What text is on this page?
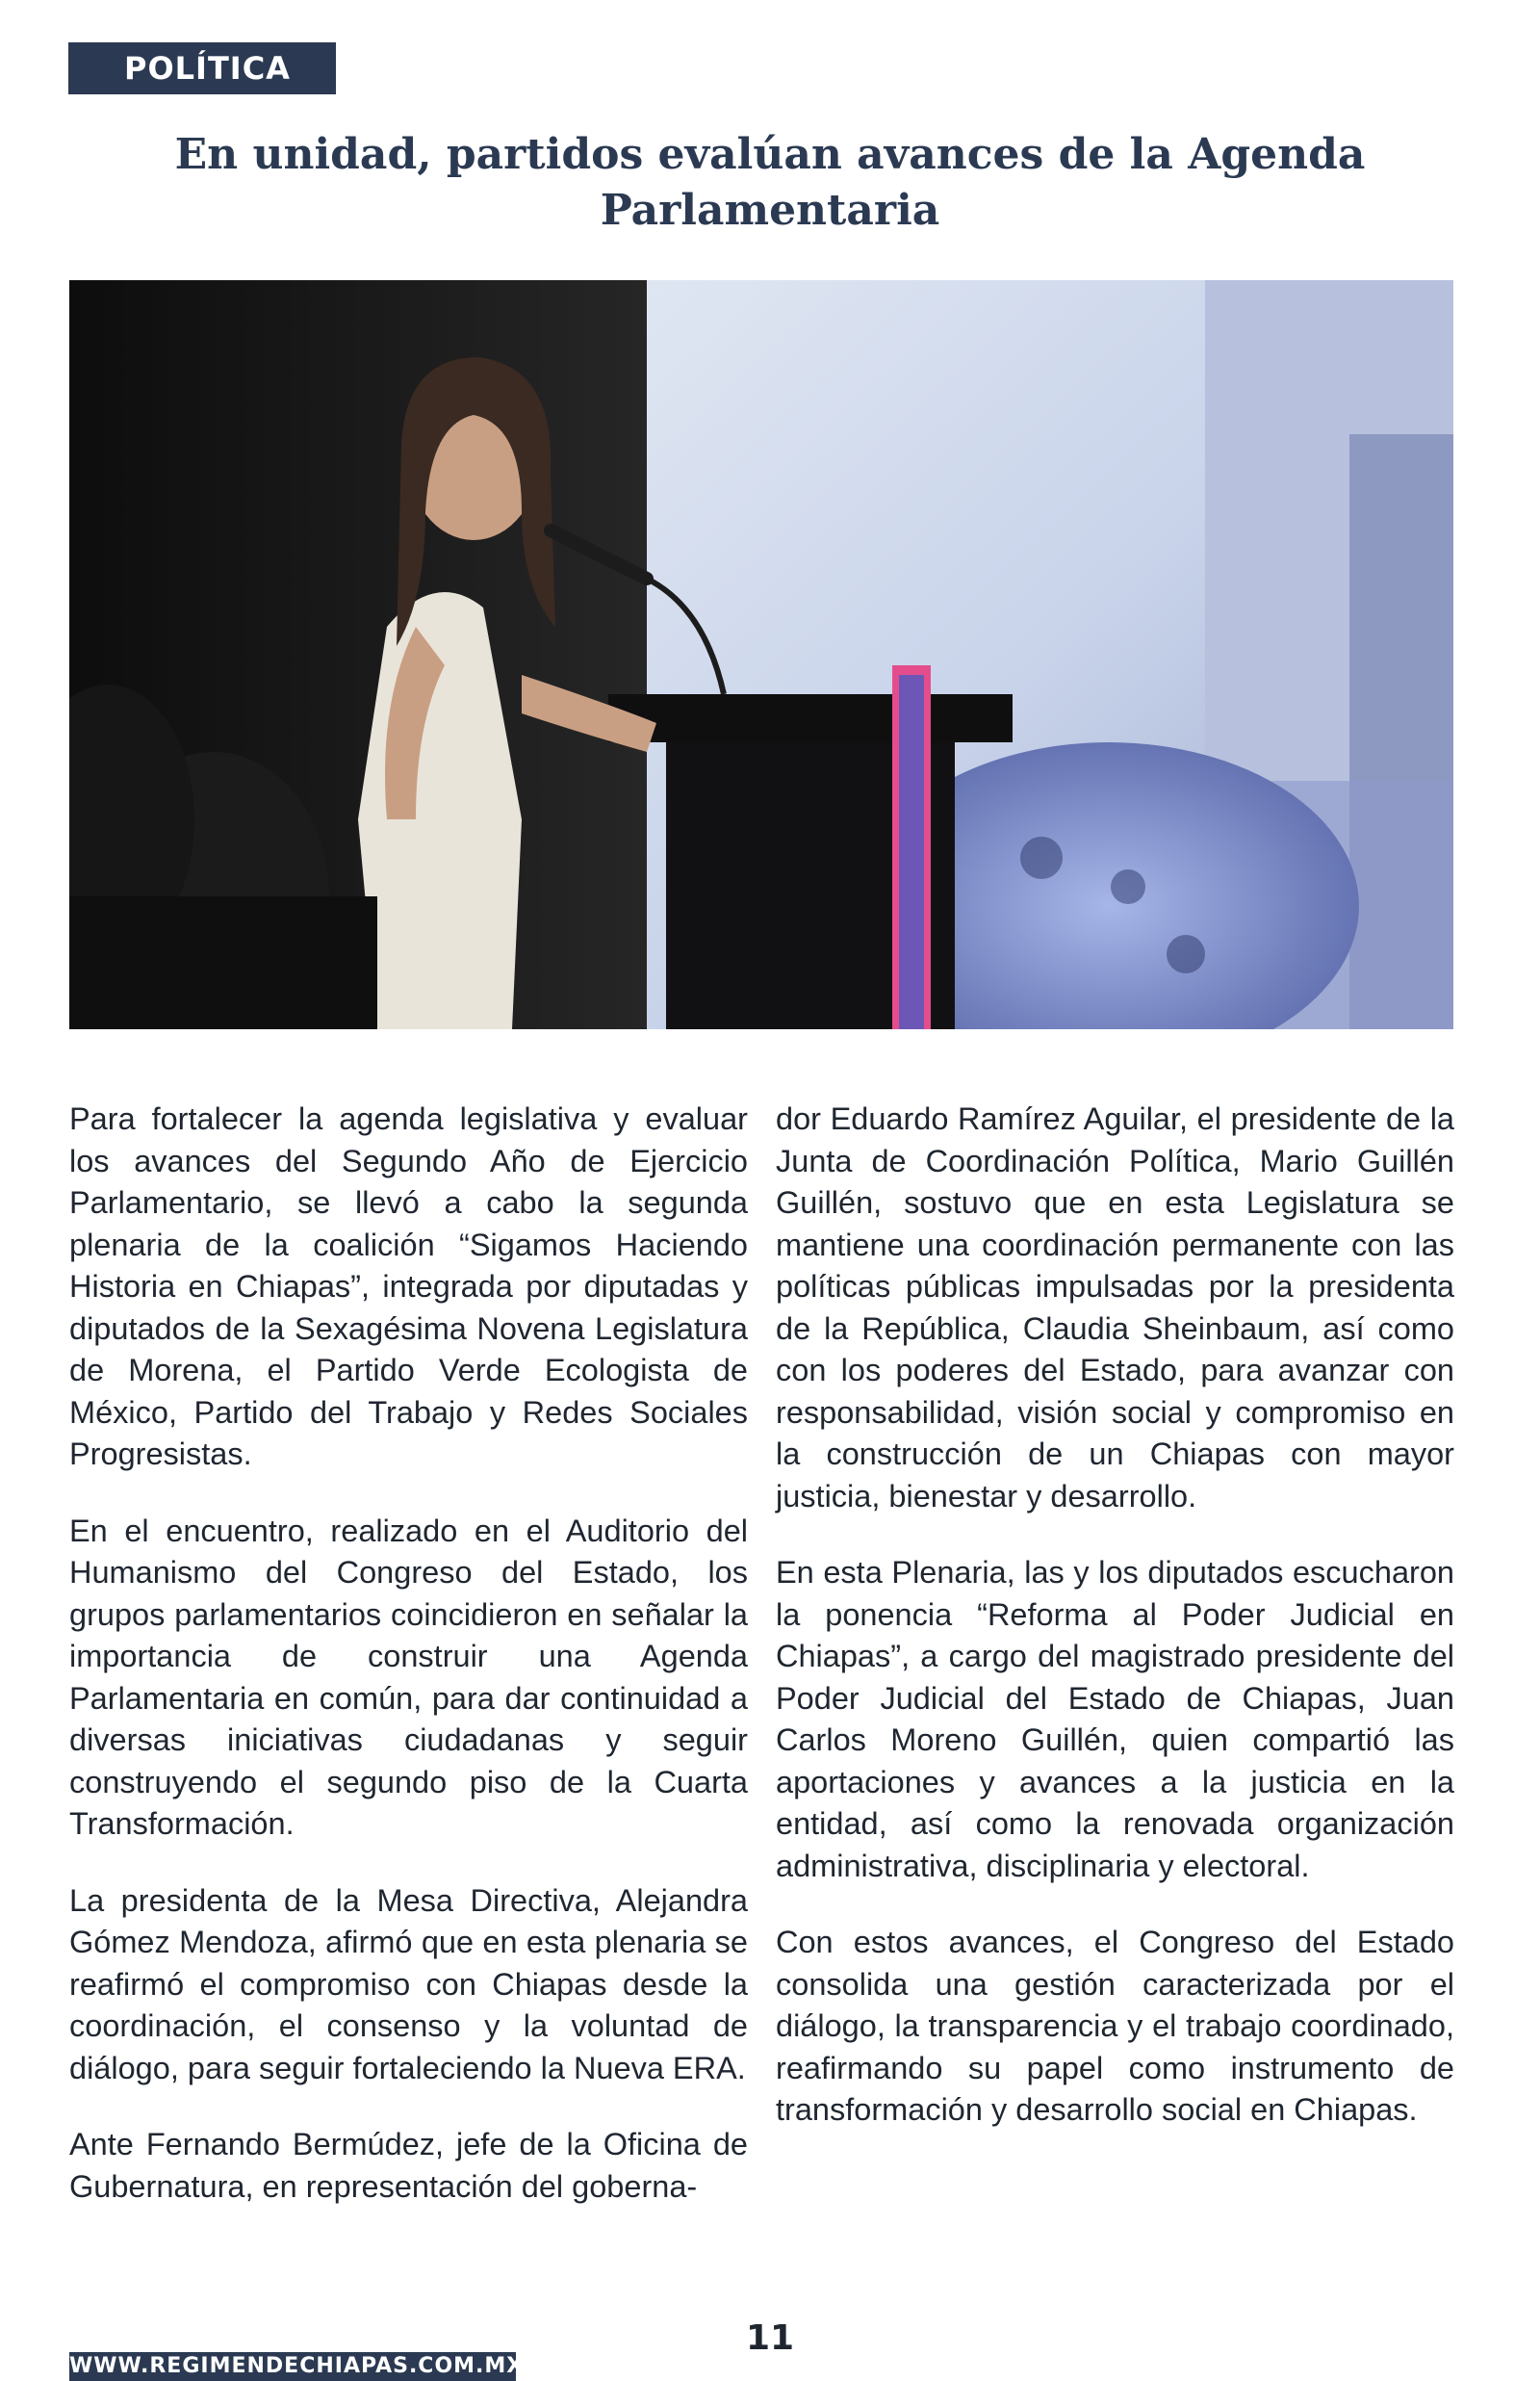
POLÍTICA
En unidad, partidos evalúan avances de la Agenda Parlamentaria

Para fortalecer la agenda legislativa y evaluar los avances del Segundo Año de Ejercicio Parlamentario, se llevó a cabo la segunda plenaria de la coalición “Sigamos Haciendo Historia en Chiapas”, integrada por diputadas y diputados de la Sexagésima Novena Legislatura de Morena, el Partido Verde Ecologista de México, Partido del Trabajo y Redes Sociales Progresistas.

En el encuentro, realizado en el Auditorio del Humanismo del Congreso del Estado, los grupos parlamentarios coincidieron en señalar la importancia de construir una Agenda Parlamentaria en común, para dar continuidad a diversas iniciativas ciudadanas y seguir construyendo el segundo piso de la Cuarta Transformación.

La presidenta de la Mesa Directiva, Alejandra Gómez Mendoza, afirmó que en esta plenaria se reafirmó el compromiso con Chiapas desde la coordinación, el consenso y la voluntad de diálogo, para seguir fortaleciendo la Nueva ERA.

Ante Fernando Bermúdez, jefe de la Oficina de Gubernatura, en representación del goberna-

dor Eduardo Ramírez Aguilar, el presidente de la Junta de Coordinación Política, Mario Guillén Guillén, sostuvo que en esta Legislatura se mantiene una coordinación permanente con las políticas públicas impulsadas por la presidenta de la República, Claudia Sheinbaum, así como con los poderes del Estado, para avanzar con responsabilidad, visión social y compromiso en la construcción de un Chiapas con mayor justicia, bienestar y desarrollo.

En esta Plenaria, las y los diputados escucharon la ponencia “Reforma al Poder Judicial en Chiapas”, a cargo del magistrado presidente del Poder Judicial del Estado de Chiapas, Juan Carlos Moreno Guillén, quien compartió las aportaciones y avances a la justicia en la entidad, así como la renovada organización administrativa, disciplinaria y electoral.

Con estos avances, el Congreso del Estado consolida una gestión caracterizada por el diálogo, la transparencia y el trabajo coordinado, reafirmando su papel como instrumento de transformación y desarrollo social en Chiapas.

WWW.REGIMENDECHIAPAS.COM.MX
11
